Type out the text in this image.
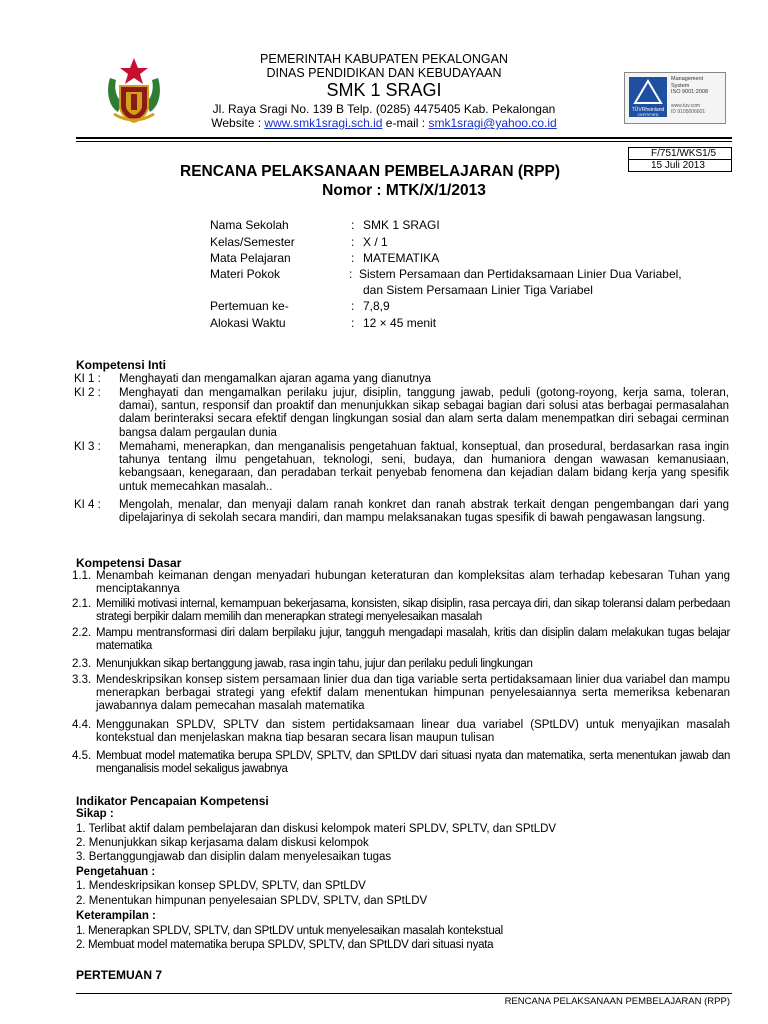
PEMERINTAH KABUPATEN PEKALONGAN
DINAS PENDIDIKAN DAN KEBUDAYAAN
SMK 1 SRAGI
Jl. Raya Sragi No. 139 B Telp. (0285) 4475405 Kab. Pekalongan
Website : www.smk1sragi.sch.id e-mail : smk1sragi@yahoo.co.id
TÜVRheinland
CERTIFIED
Management
System
ISO 9001:2008
www.tuv.com
ID 9105006601
F/751/WKS1/5
15 Juli 2013
RENCANA PELAKSANAAN PEMBELAJARAN (RPP)
Nomor : MTK/X/1/2013
Nama Sekolah	: SMK 1 SRAGI
Kelas/Semester	: X / 1
Mata Pelajaran	: MATEMATIKA
Materi Pokok	: Sistem Persamaan dan Pertidaksamaan Linier Dua Variabel,
dan Sistem Persamaan Linier Tiga Variabel
Pertemuan ke-	: 7,8,9
Alokasi Waktu	: 12 × 45 menit
Kompetensi Inti
KI 1 : Menghayati dan mengamalkan ajaran agama yang dianutnya
KI 2 : Menghayati dan mengamalkan perilaku jujur, disiplin, tanggung jawab, peduli (gotong-royong, kerja sama, toleran, damai), santun, responsif dan proaktif dan menunjukkan sikap sebagai bagian dari solusi atas berbagai permasalahan dalam berinteraksi secara efektif dengan lingkungan sosial dan alam serta dalam menempatkan diri sebagai cerminan bangsa dalam pergaulan dunia
KI 3 : Memahami, menerapkan, dan menganalisis pengetahuan faktual, konseptual, dan prosedural, berdasarkan rasa ingin tahunya tentang ilmu pengetahuan, teknologi, seni, budaya, dan humaniora dengan wawasan kemanusiaan, kebangsaan, kenegaraan, dan peradaban terkait penyebab fenomena dan kejadian dalam bidang kerja yang spesifik untuk memecahkan masalah..
KI 4 : Mengolah, menalar, dan menyaji dalam ranah konkret dan ranah abstrak terkait dengan pengembangan dari yang dipelajarinya di sekolah secara mandiri, dan mampu melaksanakan tugas spesifik di bawah pengawasan langsung.
Kompetensi Dasar
1.1. Menambah keimanan dengan menyadari hubungan keteraturan dan kompleksitas alam terhadap kebesaran Tuhan yang menciptakannya
2.1. Memiliki motivasi internal, kemampuan bekerjasama, konsisten, sikap disiplin, rasa percaya diri, dan sikap toleransi dalam perbedaan strategi berpikir dalam memilih dan menerapkan strategi menyelesaikan masalah
2.2. Mampu mentransformasi diri dalam berpilaku jujur, tangguh mengadapi masalah, kritis dan disiplin dalam melakukan tugas belajar matematika
2.3. Menunjukkan sikap bertanggung jawab, rasa ingin tahu, jujur dan perilaku peduli lingkungan
3.3. Mendeskripsikan konsep sistem persamaan linier dua dan tiga variable serta pertidaksamaan linier dua variabel dan mampu menerapkan berbagai strategi yang efektif dalam menentukan himpunan penyelesaiannya serta memeriksa kebenaran jawabannya dalam pemecahan masalah matematika
4.4. Menggunakan SPLDV, SPLTV dan sistem pertidaksamaan linear dua variabel (SPtLDV) untuk menyajikan masalah kontekstual dan menjelaskan makna tiap besaran secara lisan maupun tulisan
4.5. Membuat model matematika berupa SPLDV, SPLTV, dan SPtLDV dari situasi nyata dan matematika, serta menentukan jawab dan menganalisis model sekaligus jawabnya
Indikator Pencapaian Kompetensi
Sikap :
1. Terlibat aktif dalam pembelajaran dan diskusi kelompok materi SPLDV, SPLTV, dan SPtLDV
2. Menunjukkan sikap kerjasama dalam diskusi kelompok
3. Bertanggungjawab dan disiplin dalam menyelesaikan tugas
Pengetahuan :
1. Mendeskripsikan konsep SPLDV, SPLTV, dan SPtLDV
2. Menentukan himpunan penyelesaian SPLDV, SPLTV, dan SPtLDV
Keterampilan :
1. Menerapkan SPLDV, SPLTV, dan SPtLDV untuk menyelesaikan masalah kontekstual
2. Membuat model matematika berupa SPLDV, SPLTV, dan SPtLDV dari situasi nyata
PERTEMUAN 7
RENCANA PELAKSANAAN PEMBELAJARAN (RPP)
